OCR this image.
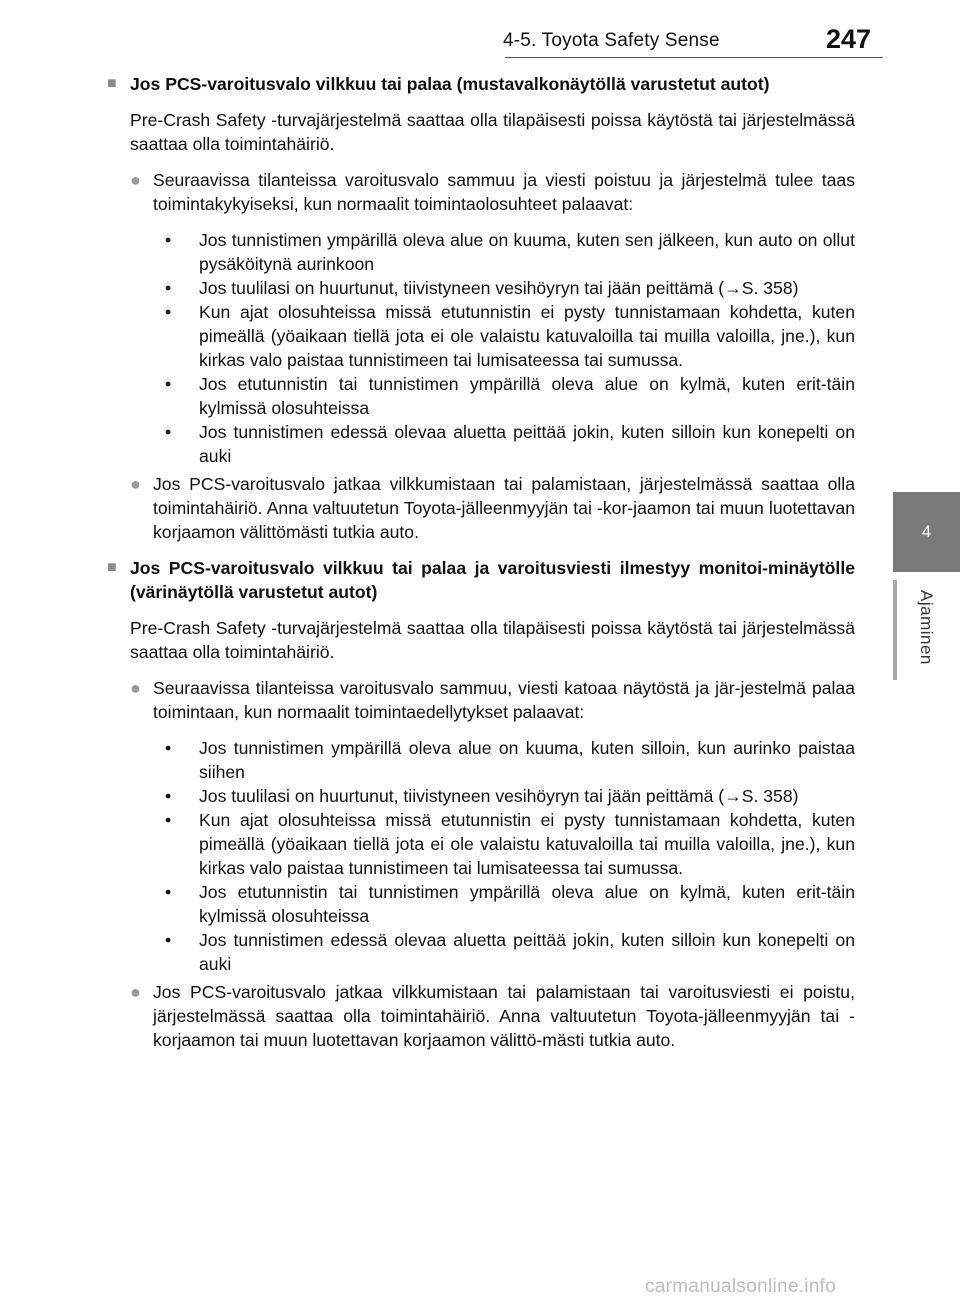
4-5. Toyota Safety Sense	247
4
Ajaminen
■ Jos PCS-varoitusvalo vilkkuu tai palaa (mustavalkonäytöllä varustetut autot)
Pre-Crash Safety -turvajärjestelmä saattaa olla tilapäisesti poissa käytöstä tai järjestelmässä saattaa olla toimintahäiriö.
● Seuraavissa tilanteissa varoitusvalo sammuu ja viesti poistuu ja järjestelmä tulee taas toimintakykyiseksi, kun normaalit toimintaolosuhteet palaavat:
•	Jos tunnistimen ympärillä oleva alue on kuuma, kuten sen jälkeen, kun auto on ollut pysäköitynä aurinkoon
•	Jos tuulilasi on huurtunut, tiivistyneen vesihöyryn tai jään peittämä (→S. 358)
•	Kun ajat olosuhteissa missä etutunnistin ei pysty tunnistamaan kohdetta, kuten pimeällä (yöaikaan tiellä jota ei ole valaistu katuvaloilla tai muilla valoilla, jne.), kun kirkas valo paistaa tunnistimeen tai lumisateessa tai sumussa.
•	Jos etutunnistin tai tunnistimen ympärillä oleva alue on kylmä, kuten erit-täin kylmissä olosuhteissa
•	Jos tunnistimen edessä olevaa aluetta peittää jokin, kuten silloin kun konepelti on auki
● Jos PCS-varoitusvalo jatkaa vilkkumistaan tai palamistaan, järjestelmässä saattaa olla toimintahäiriö. Anna valtuutetun Toyota-jälleenmyyjän tai -kor-jaamon tai muun luotettavan korjaamon välittömästi tutkia auto.
■ Jos PCS-varoitusvalo vilkkuu tai palaa ja varoitusviesti ilmestyy monitoi-minäytölle (värinäytöllä varustetut autot)
Pre-Crash Safety -turvajärjestelmä saattaa olla tilapäisesti poissa käytöstä tai järjestelmässä saattaa olla toimintahäiriö.
● Seuraavissa tilanteissa varoitusvalo sammuu, viesti katoaa näytöstä ja jär-jestelmä palaa toimintaan, kun normaalit toimintaedellytykset palaavat:
•	Jos tunnistimen ympärillä oleva alue on kuuma, kuten silloin, kun aurinko paistaa siihen
•	Jos tuulilasi on huurtunut, tiivistyneen vesihöyryn tai jään peittämä (→S. 358)
•	Kun ajat olosuhteissa missä etutunnistin ei pysty tunnistamaan kohdetta, kuten pimeällä (yöaikaan tiellä jota ei ole valaistu katuvaloilla tai muilla valoilla, jne.), kun kirkas valo paistaa tunnistimeen tai lumisateessa tai sumussa.
•	Jos etutunnistin tai tunnistimen ympärillä oleva alue on kylmä, kuten erit-täin kylmissä olosuhteissa
•	Jos tunnistimen edessä olevaa aluetta peittää jokin, kuten silloin kun konepelti on auki
● Jos PCS-varoitusvalo jatkaa vilkkumistaan tai palamistaan tai varoitusviesti ei poistu, järjestelmässä saattaa olla toimintahäiriö. Anna valtuutetun Toyota-jälleenmyyjän tai -korjaamon tai muun luotettavan korjaamon välittö-mästi tutkia auto.
carmanualsonline.info
